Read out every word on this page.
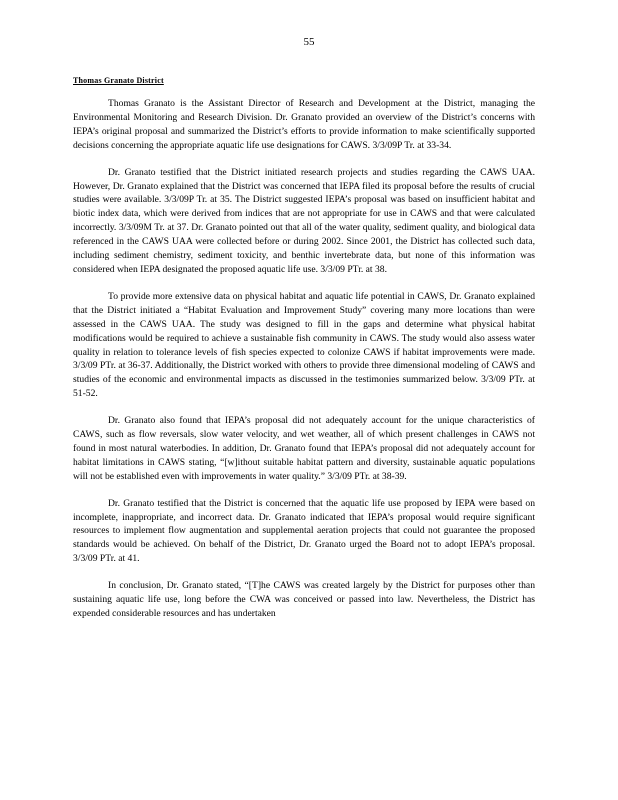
55
Thomas Granato District

Thomas Granato is the Assistant Director of Research and Development at the District, managing the Environmental Monitoring and Research Division. Dr. Granato provided an overview of the District’s concerns with IEPA’s original proposal and summarized the District’s efforts to provide information to make scientifically supported decisions concerning the appropriate aquatic life use designations for CAWS. 3/3/09P Tr. at 33-34.

Dr. Granato testified that the District initiated research projects and studies regarding the CAWS UAA. However, Dr. Granato explained that the District was concerned that IEPA filed its proposal before the results of crucial studies were available. 3/3/09P Tr. at 35. The District suggested IEPA’s proposal was based on insufficient habitat and biotic index data, which were derived from indices that are not appropriate for use in CAWS and that were calculated incorrectly. 3/3/09M Tr. at 37. Dr. Granato pointed out that all of the water quality, sediment quality, and biological data referenced in the CAWS UAA were collected before or during 2002. Since 2001, the District has collected such data, including sediment chemistry, sediment toxicity, and benthic invertebrate data, but none of this information was considered when IEPA designated the proposed aquatic life use. 3/3/09 PTr. at 38.

To provide more extensive data on physical habitat and aquatic life potential in CAWS, Dr. Granato explained that the District initiated a “Habitat Evaluation and Improvement Study” covering many more locations than were assessed in the CAWS UAA. The study was designed to fill in the gaps and determine what physical habitat modifications would be required to achieve a sustainable fish community in CAWS. The study would also assess water quality in relation to tolerance levels of fish species expected to colonize CAWS if habitat improvements were made. 3/3/09 PTr. at 36-37. Additionally, the District worked with others to provide three dimensional modeling of CAWS and studies of the economic and environmental impacts as discussed in the testimonies summarized below. 3/3/09 PTr. at 51-52.

Dr. Granato also found that IEPA’s proposal did not adequately account for the unique characteristics of CAWS, such as flow reversals, slow water velocity, and wet weather, all of which present challenges in CAWS not found in most natural waterbodies. In addition, Dr. Granato found that IEPA’s proposal did not adequately account for habitat limitations in CAWS stating, “[w]ithout suitable habitat pattern and diversity, sustainable aquatic populations will not be established even with improvements in water quality.” 3/3/09 PTr. at 38-39.

Dr. Granato testified that the District is concerned that the aquatic life use proposed by IEPA were based on incomplete, inappropriate, and incorrect data. Dr. Granato indicated that IEPA’s proposal would require significant resources to implement flow augmentation and supplemental aeration projects that could not guarantee the proposed standards would be achieved. On behalf of the District, Dr. Granato urged the Board not to adopt IEPA’s proposal. 3/3/09 PTr. at 41.

In conclusion, Dr. Granato stated, “[T]he CAWS was created largely by the District for purposes other than sustaining aquatic life use, long before the CWA was conceived or passed into law. Nevertheless, the District has expended considerable resources and has undertaken
